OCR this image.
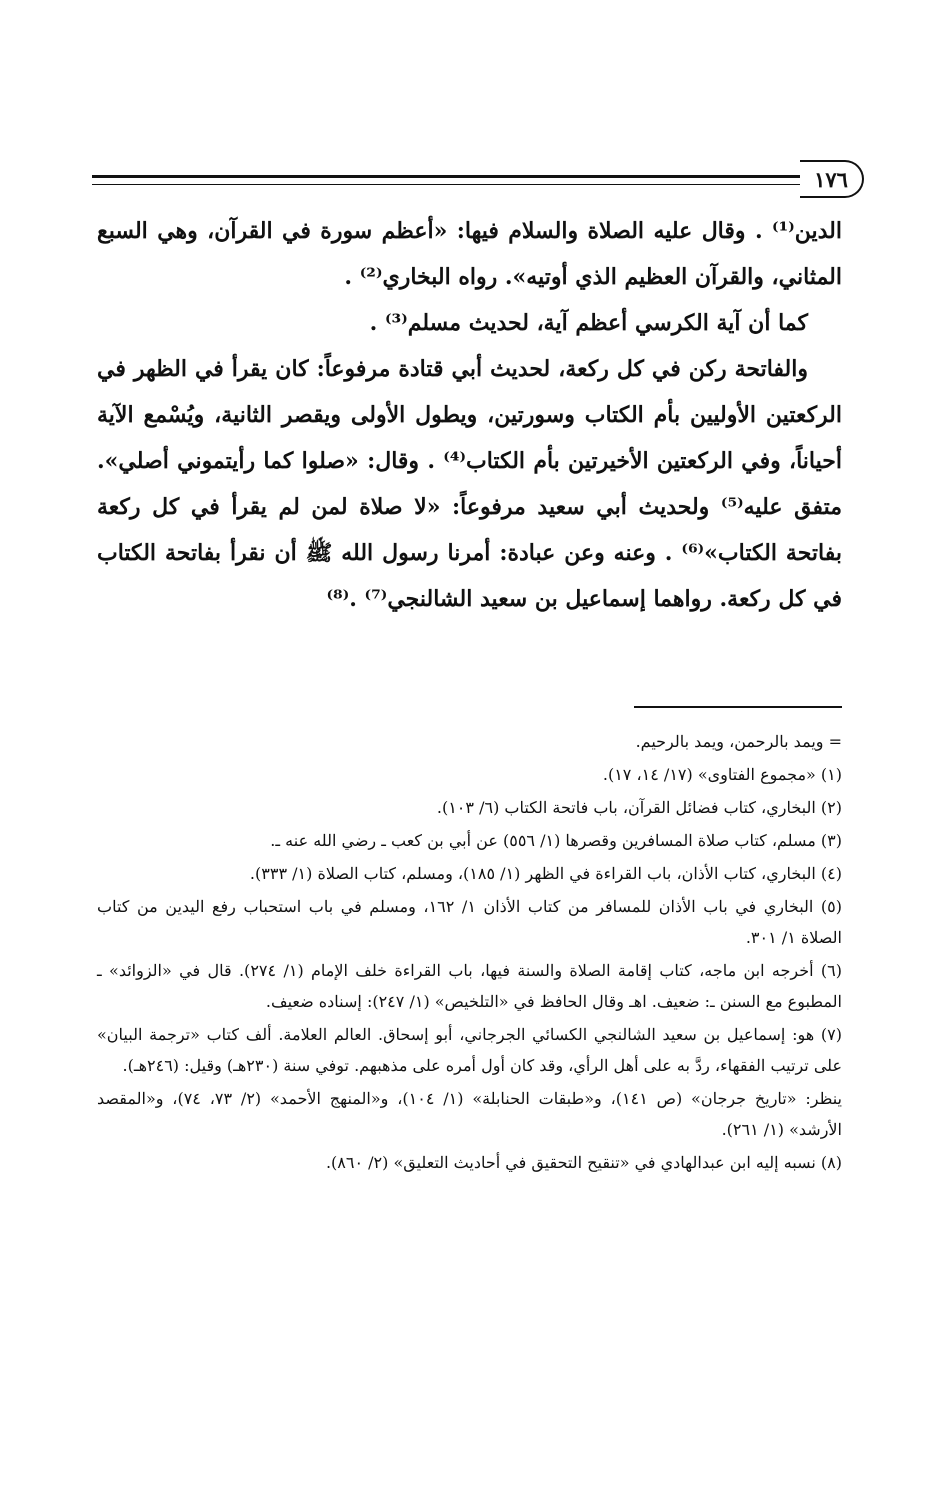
١٧٦

الدين⁽¹⁾ . وقال عليه الصلاة والسلام فيها: «أعظم سورة في القرآن، وهي السبع المثاني، والقرآن العظيم الذي أوتيه». رواه البخاري⁽²⁾ .

كما أن آية الكرسي أعظم آية، لحديث مسلم⁽³⁾ .

والفاتحة ركن في كل ركعة، لحديث أبي قتادة مرفوعاً: كان يقرأ في الظهر في الركعتين الأوليين بأم الكتاب وسورتين، ويطول الأولى ويقصر الثانية، ويُسْمع الآية أحياناً، وفي الركعتين الأخيرتين بأم الكتاب⁽⁴⁾ . وقال: «صلوا كما رأيتموني أصلي». متفق عليه⁽⁵⁾ ولحديث أبي سعيد مرفوعاً: «لا صلاة لمن لم يقرأ في كل ركعة بفاتحة الكتاب»⁽⁶⁾ . وعنه وعن عبادة: أمرنا رسول الله ﷺ أن نقرأ بفاتحة الكتاب في كل ركعة. رواهما إسماعيل بن سعيد الشالنجي⁽⁷⁾ .⁽⁸⁾

= ويمد بالرحمن، ويمد بالرحيم.

(١) «مجموع الفتاوى» (١٧/ ١٤، ١٧).

(٢) البخاري، كتاب فضائل القرآن، باب فاتحة الكتاب (٦/ ١٠٣).

(٣) مسلم، كتاب صلاة المسافرين وقصرها (١/ ٥٥٦) عن أبي بن كعب ـ رضي الله عنه ـ.

(٤) البخاري، كتاب الأذان، باب القراءة في الظهر (١/ ١٨٥)، ومسلم، كتاب الصلاة (١/ ٣٣٣).

(٥) البخاري في باب الأذان للمسافر من كتاب الأذان ١/ ١٦٢، ومسلم في باب استحباب رفع اليدين من كتاب الصلاة ١/ ٣٠١.

(٦) أخرجه ابن ماجه، كتاب إقامة الصلاة والسنة فيها، باب القراءة خلف الإمام (١/ ٢٧٤). قال في «الزوائد» ـ المطبوع مع السنن ـ: ضعيف. اهـ وقال الحافظ في «التلخيص» (١/ ٢٤٧): إسناده ضعيف.

(٧) هو: إسماعيل بن سعيد الشالنجي الكسائي الجرجاني، أبو إسحاق. العالم العلامة. ألف كتاب «ترجمة البيان» على ترتيب الفقهاء، ردَّ به على أهل الرأي، وقد كان أول أمره على مذهبهم. توفي سنة (٢٣٠هـ) وقيل: (٢٤٦هـ).

ينظر: «تاريخ جرجان» (ص ١٤١)، و«طبقات الحنابلة» (١/ ١٠٤)، و«المنهج الأحمد» (٢/ ٧٣، ٧٤)، و«المقصد الأرشد» (١/ ٢٦١).

(٨) نسبه إليه ابن عبدالهادي في «تنقيح التحقيق في أحاديث التعليق» (٢/ ٨٦٠).
